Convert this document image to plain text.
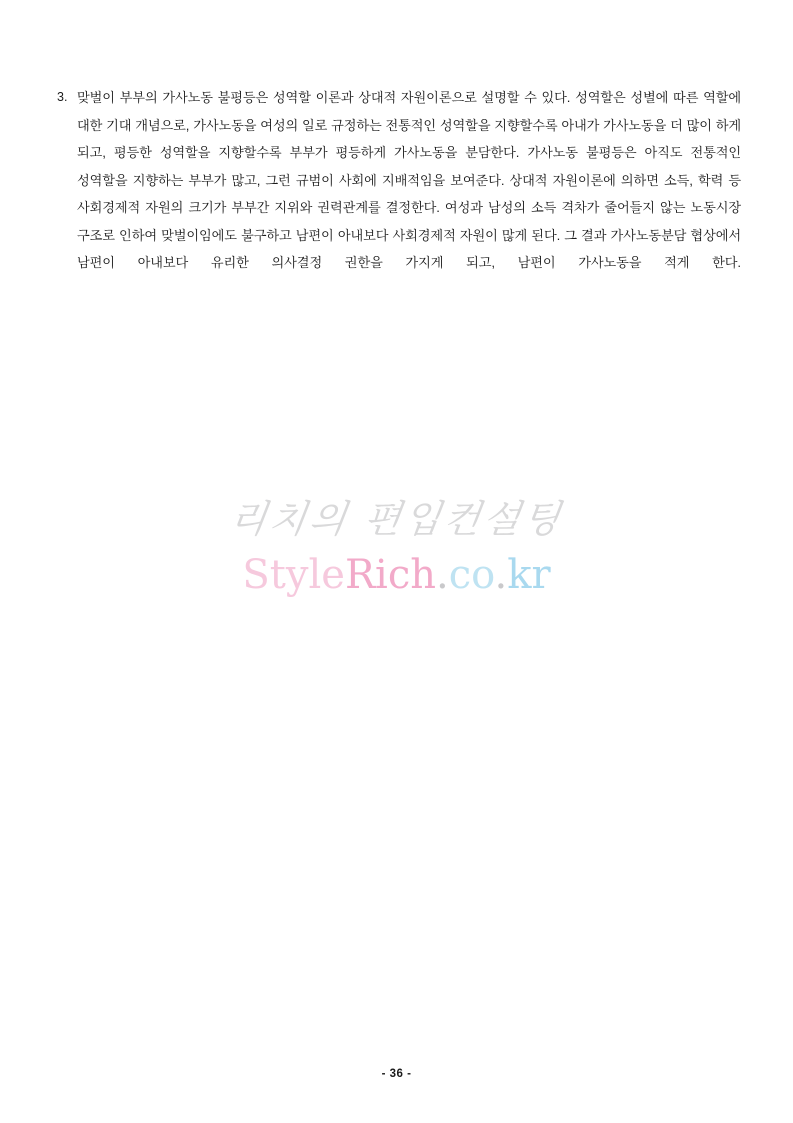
3. 맞벌이 부부의 가사노동 불평등은 성역할 이론과 상대적 자원이론으로 설명할 수 있다. 성역할은 성별에 따른 역할에 대한 기대 개념으로, 가사노동을 여성의 일로 규정하는 전통적인 성역할을 지향할수록 아내가 가사노동을 더 많이 하게 되고, 평등한 성역할을 지향할수록 부부가 평등하게 가사노동을 분담한다. 가사노동 불평등은 아직도 전통적인 성역할을 지향하는 부부가 많고, 그런 규범이 사회에 지배적임을 보여준다. 상대적 자원이론에 의하면 소득, 학력 등 사회경제적 자원의 크기가 부부간 지위와 권력관계를 결정한다. 여성과 남성의 소득 격차가 줄어들지 않는 노동시장 구조로 인하여 맞벌이임에도 불구하고 남편이 아내보다 사회경제적 자원이 많게 된다. 그 결과 가사노동분담 협상에서 남편이 아내보다 유리한 의사결정 권한을 가지게 되고, 남편이 가사노동을 적게 한다.
리치의 편입컨설팅
StyleRich.co.kr
- 36 -
